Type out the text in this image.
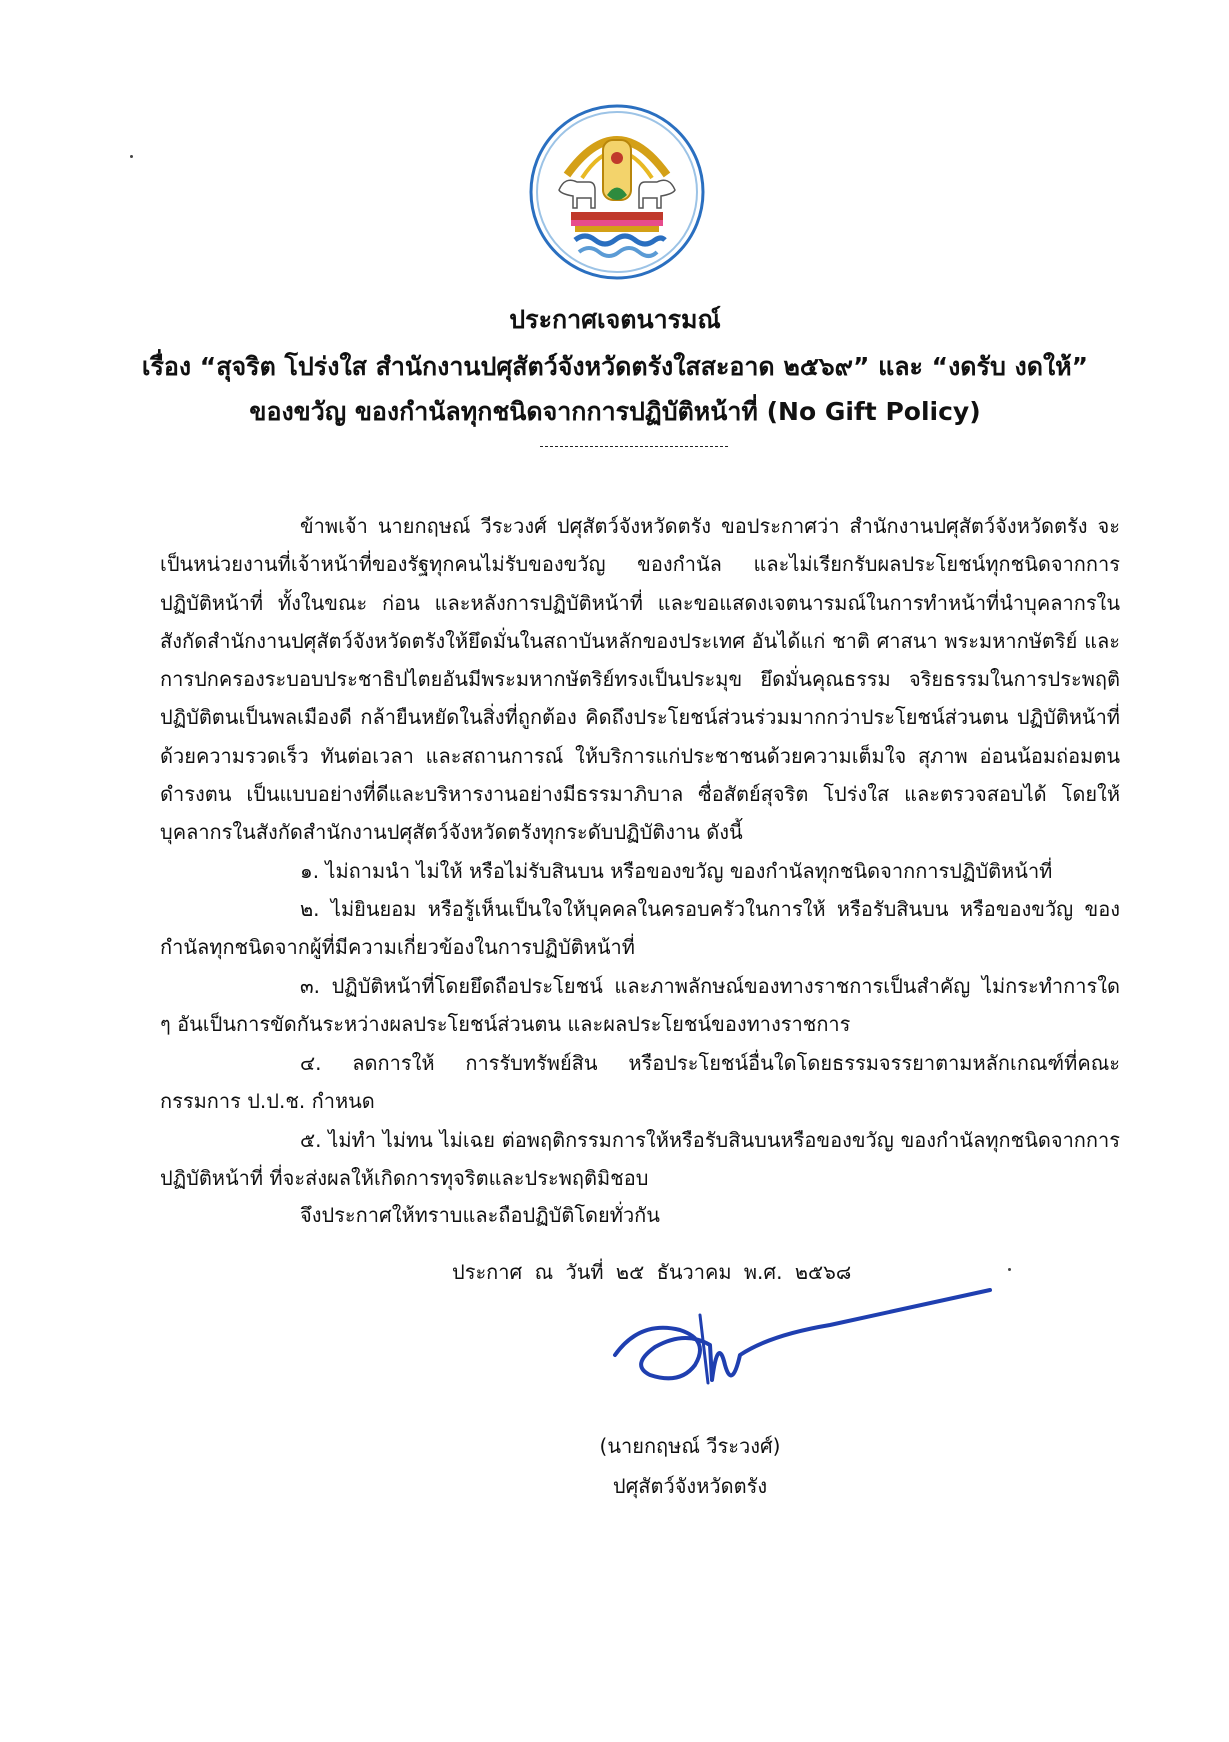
ประกาศเจตนารมณ์
เรื่อง “สุจริต โปร่งใส สำนักงานปศุสัตว์จังหวัดตรังใสสะอาด ๒๕๖๙” และ “งดรับ งดให้”
ของขวัญ ของกำนัลทุกชนิดจากการปฏิบัติหน้าที่ (No Gift Policy)
ข้าพเจ้า นายกฤษณ์ วีระวงศ์ ปศุสัตว์จังหวัดตรัง ขอประกาศว่า สำนักงานปศุสัตว์จังหวัดตรัง จะเป็นหน่วยงานที่เจ้าหน้าที่ของรัฐทุกคนไม่รับของขวัญ ของกำนัล และไม่เรียกรับผลประโยชน์ทุกชนิดจากการปฏิบัติหน้าที่ ทั้งในขณะ ก่อน และหลังการปฏิบัติหน้าที่ และขอแสดงเจตนารมณ์ในการทำหน้าที่นำบุคลากรในสังกัดสำนักงานปศุสัตว์จังหวัดตรังให้ยึดมั่นในสถาบันหลักของประเทศ อันได้แก่ ชาติ ศาสนา พระมหากษัตริย์ และการปกครองระบอบประชาธิปไตยอันมีพระมหากษัตริย์ทรงเป็นประมุข ยึดมั่นคุณธรรม จริยธรรมในการประพฤติปฏิบัติตนเป็นพลเมืองดี กล้ายืนหยัดในสิ่งที่ถูกต้อง คิดถึงประโยชน์ส่วนร่วมมากกว่าประโยชน์ส่วนตน ปฏิบัติหน้าที่ด้วยความรวดเร็ว ทันต่อเวลา และสถานการณ์ ให้บริการแก่ประชาชนด้วยความเต็มใจ สุภาพ อ่อนน้อมถ่อมตนดำรงตน เป็นแบบอย่างที่ดีและบริหารงานอย่างมีธรรมาภิบาล ซื่อสัตย์สุจริต โปร่งใส และตรวจสอบได้ โดยให้บุคลากรในสังกัดสำนักงานปศุสัตว์จังหวัดตรังทุกระดับปฏิบัติงาน ดังนี้
๑. ไม่ถามนำ ไม่ให้ หรือไม่รับสินบน หรือของขวัญ ของกำนัลทุกชนิดจากการปฏิบัติหน้าที่
๒. ไม่ยินยอม หรือรู้เห็นเป็นใจให้บุคคลในครอบครัวในการให้ หรือรับสินบน หรือของขวัญ ของกำนัลทุกชนิดจากผู้ที่มีความเกี่ยวข้องในการปฏิบัติหน้าที่
๓. ปฏิบัติหน้าที่โดยยึดถือประโยชน์ และภาพลักษณ์ของทางราชการเป็นสำคัญ ไม่กระทำการใด ๆ อันเป็นการขัดกันระหว่างผลประโยชน์ส่วนตน และผลประโยชน์ของทางราชการ
๔. ลดการให้ การรับทรัพย์สิน หรือประโยชน์อื่นใดโดยธรรมจรรยาตามหลักเกณฑ์ที่คณะกรรมการ ป.ป.ช. กำหนด
๕. ไม่ทำ ไม่ทน ไม่เฉย ต่อพฤติกรรมการให้หรือรับสินบนหรือของขวัญ ของกำนัลทุกชนิดจากการปฏิบัติหน้าที่ ที่จะส่งผลให้เกิดการทุจริตและประพฤติมิชอบ
จึงประกาศให้ทราบและถือปฏิบัติโดยทั่วกัน
ประกาศ ณ วันที่ ๒๕ ธันวาคม พ.ศ. ๒๕๖๘
(นายกฤษณ์ วีระวงศ์)
ปศุสัตว์จังหวัดตรัง
